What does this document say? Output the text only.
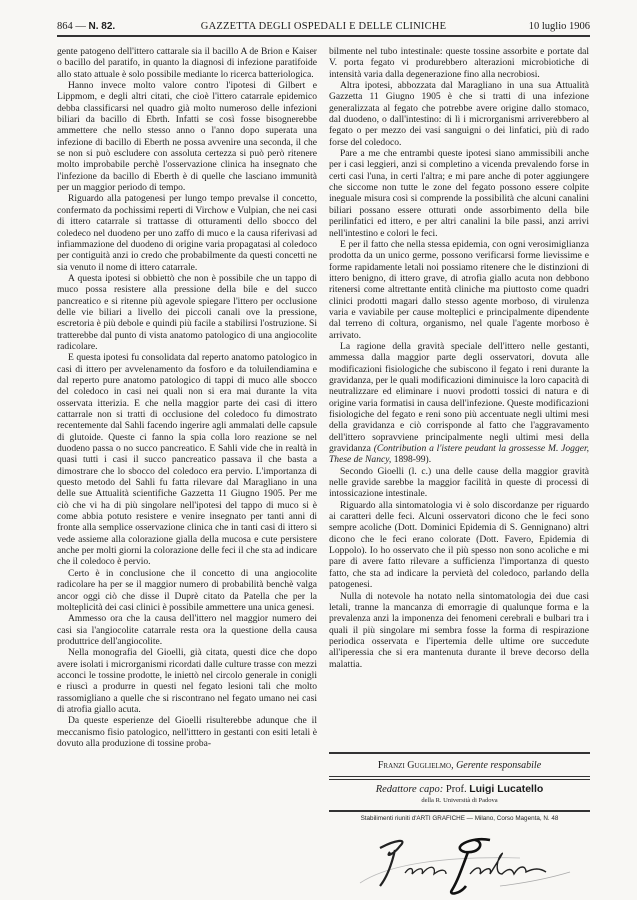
864 — N. 82.	GAZZETTA DEGLI OSPEDALI E DELLE CLINICHE	10 luglio 1906

gente patogeno dell'ittero cattarale sia il bacillo A de Brion e Kaiser o bacillo del paratifo, in quanto la diagnosi di infezione paratifoide allo stato attuale è solo possibile mediante lo ricerca batteriologica.

Hanno invece molto valore contro l'ipotesi di Gilbert e Lippmom, e degli altri citati, che cioè l'ittero catarrale epidemico debba classificarsi nel quadro già molto numeroso delle infezioni biliari da bacillo di Ebrth. Infatti se così fosse bisognerebbe ammettere che nello stesso anno o l'anno dopo superata una infezione di bacillo di Eberth ne possa avvenire una seconda, il che se non si può escludere con assoluta certezza si può però ritenere molto improbabile perchè l'osservazione clinica ha insegnato che l'infezione da bacillo di Eberth è di quelle che lasciano immunità per un maggior periodo di tempo.

Riguardo alla patogenesi per lungo tempo prevalse il concetto, confermato da pochissimi reperti di Virchow e Vulpian, che nei casi di ittero catarrale si trattasse di otturamenti dello sbocco del coledeco nel duodeno per uno zaffo di muco e la causa riferivasi ad infiammazione del duodeno di origine varia propagatasi al coledoco per contiguità anzi io credo che probabilmente da questi concetti ne sia venuto il nome di ittero catarrale.

A questa ipotesi si obbiettò che non è possibile che un tappo di muco possa resistere alla pressione della bile e del succo pancreatico e si ritenne più agevole spiegare l'ittero per occlusione delle vie biliari a livello dei piccoli canali ove la pressione, escretoria è più debole e quindi più facile a stabilirsi l'ostruzione. Si tratterebbe dal punto di vista anatomo patologico di una angiocolite radicolare.

E questa ipotesi fu consolidata dal reperto anatomo patologico in casi di ittero per avvelenamento da fosforo e da toluilendiamina e dal reperto pure anatomo patologico di tappi di muco alle sbocco del coledoco in casi nei quali non si era mai durante la vita osservata itterizia. E che nella maggior parte dei casi di ittero cattarrale non si tratti di occlusione del coledoco fu dimostrato recentemente dal Sahli facendo ingerire agli ammalati delle capsule di glutoide. Queste ci fanno la spia colla loro reazione se nel duodeno passa o no succo pancreatico. E Sahli vide che in realtà in quasi tutti i casi il succo pancreatico passava il che basta a dimostrare che lo sbocco del coledoco era pervio. L'importanza di questo metodo del Sahli fu fatta rilevare dal Maragliano in una delle sue Attualità scientifiche Gazzetta 11 Giugno 1905. Per me ciò che vi ha di più singolare nell'ipotesi del tappo di muco si è come abbia potuto resistere e venire insegnato per tanti anni di fronte alla semplice osservazione clinica che in tanti casi di ittero si vede assieme alla colorazione gialla della mucosa e cute persistere anche per molti giorni la colorazione delle feci il che sta ad indicare che il coledoco è pervio.

Certo è in conclusione che il concetto di una angiocolite radicolare ha per se il maggior numero di probabilità benchè valga ancor oggi ciò che disse il Duprè citato da Patella che per la molteplicità dei casi clinici è possibile ammettere una unica genesi.

Ammesso ora che la causa dell'ittero nel maggior numero dei casi sia l'angiocolite catarrale resta ora la questione della causa produttrice dell'angiocolite.

Nella monografia del Gioelli, già citata, questi dice che dopo avere isolati i microrganismi ricordati dalle culture trasse con mezzi acconci le tossine prodotte, le iniettò nel circolo generale in conigli e riuscì a produrre in questi nel fegato lesioni tali che molto rassomigliano a quelle che si riscontrano nel fegato umano nei casi di atrofia giallo acuta.

Da queste esperienze del Gioelli risulterebbe adunque che il meccanismo fisio patologico, nell'itttero in gestanti con esiti letali è dovuto alla produzione di tossine proba-

bilmente nel tubo intestinale: queste tossine assorbite e portate dal V. porta fegato vi produrebbero alterazioni microbiotiche di intensità varia dalla degenerazione fino alla necrobiosi.

Altra ipotesi, abbozzata dal Maragliano in una sua Attualità Gazzetta 11 Giugno 1905 è che si tratti di una infezione generalizzata al fegato che potrebbe avere origine dallo stomaco, dal duodeno, o dall'intestino: di lì i microrganismi arriverebbero al fegato o per mezzo dei vasi sanguigni o dei linfatici, più di rado forse del coledoco.

Pare a me che entrambi queste ipotesi siano ammissibili anche per i casi leggieri, anzi si completino a vicenda prevalendo forse in certi casi l'una, in certi l'altra; e mi pare anche di poter aggiungere che siccome non tutte le zone del fegato possono essere colpite ineguale misura così si comprende la possibilità che alcuni canalini biliari possano essere otturati onde assorbimento della bile perilinfatici ed ittero, e per altri canalini la bile passi, anzi arrivi nell'intestino e colori le feci.

E per il fatto che nella stessa epidemia, con ogni verosimiglianza prodotta da un unico germe, possono verificarsi forme lievissime e forme rapidamente letali noi possiamo ritenere che le distinzioni di ittero benigno, di ittero grave, di atrofia giallo acuta non debbono ritenersi come altrettante entità cliniche ma piuttosto come quadri clinici prodotti magari dallo stesso agente morboso, di virulenza varia e vaviabile per cause molteplici e principalmente dipendente dal terreno di coltura, organismo, nel quale l'agente morboso è arrivato.

La ragione della gravità speciale dell'ittero nelle gestanti, ammessa dalla maggior parte degli osservatori, dovuta alle modificazioni fisiologiche che subiscono il fegato i reni durante la gravidanza, per le quali modificazioni diminuisce la loro capacità di neutralizzare ed eliminare i nuovi prodotti tossici di natura e di origine varia formatisi in causa dell'infezione. Queste modificazioni fisiologiche del fegato e reni sono più accentuate negli ultimi mesi della gravidanza e ciò corrisponde al fatto che l'aggravamento dell'ittero sopravviene principalmente negli ultimi mesi della gravidanza (Contribution a l'istere peudant la grossesse M. Jogger, These de Nancy, 1898-99).

Secondo Gioelli (l. c.) una delle cause della maggior gravità nelle gravide sarebbe la maggior facilità in queste di processi di intossicazione intestinale.

Riguardo alla sintomatologia vi è solo discordanze per riguardo ai caratteri delle feci. Alcuni osservatori dicono che le feci sono sempre acoliche (Dott. Dominici Epidemia di S. Gennignano) altri dicono che le feci erano colorate (Dott. Favero, Epidemia di Loppolo). Io ho osservato che il più spesso non sono acoliche e mi pare di avere fatto rilevare a sufficienza l'importanza di questo fatto, che sta ad indicare la pervietà del coledoco, parlando della patogenesi.

Nulla di notevole ha notato nella sintomatologia dei due casi letali, tranne la mancanza di emorragie di qualunque forma e la prevalenza anzi la imponenza dei fenomeni cerebrali e bulbari tra i quali il più singolare mi sembra fosse la forma di respirazione periodica osservata e l'ipertemia delle ultime ore succedute all'iperessia che si era mantenuta durante il breve decorso della malattia.

Franzi Guglielmo, Gerente responsabile
Redattore capo: Prof. Luigi Lucatello
della R. Università di Padova
Stabilimenti riuniti d'ARTI GRAFICHE — Milano, Corso Magenta, N. 48
